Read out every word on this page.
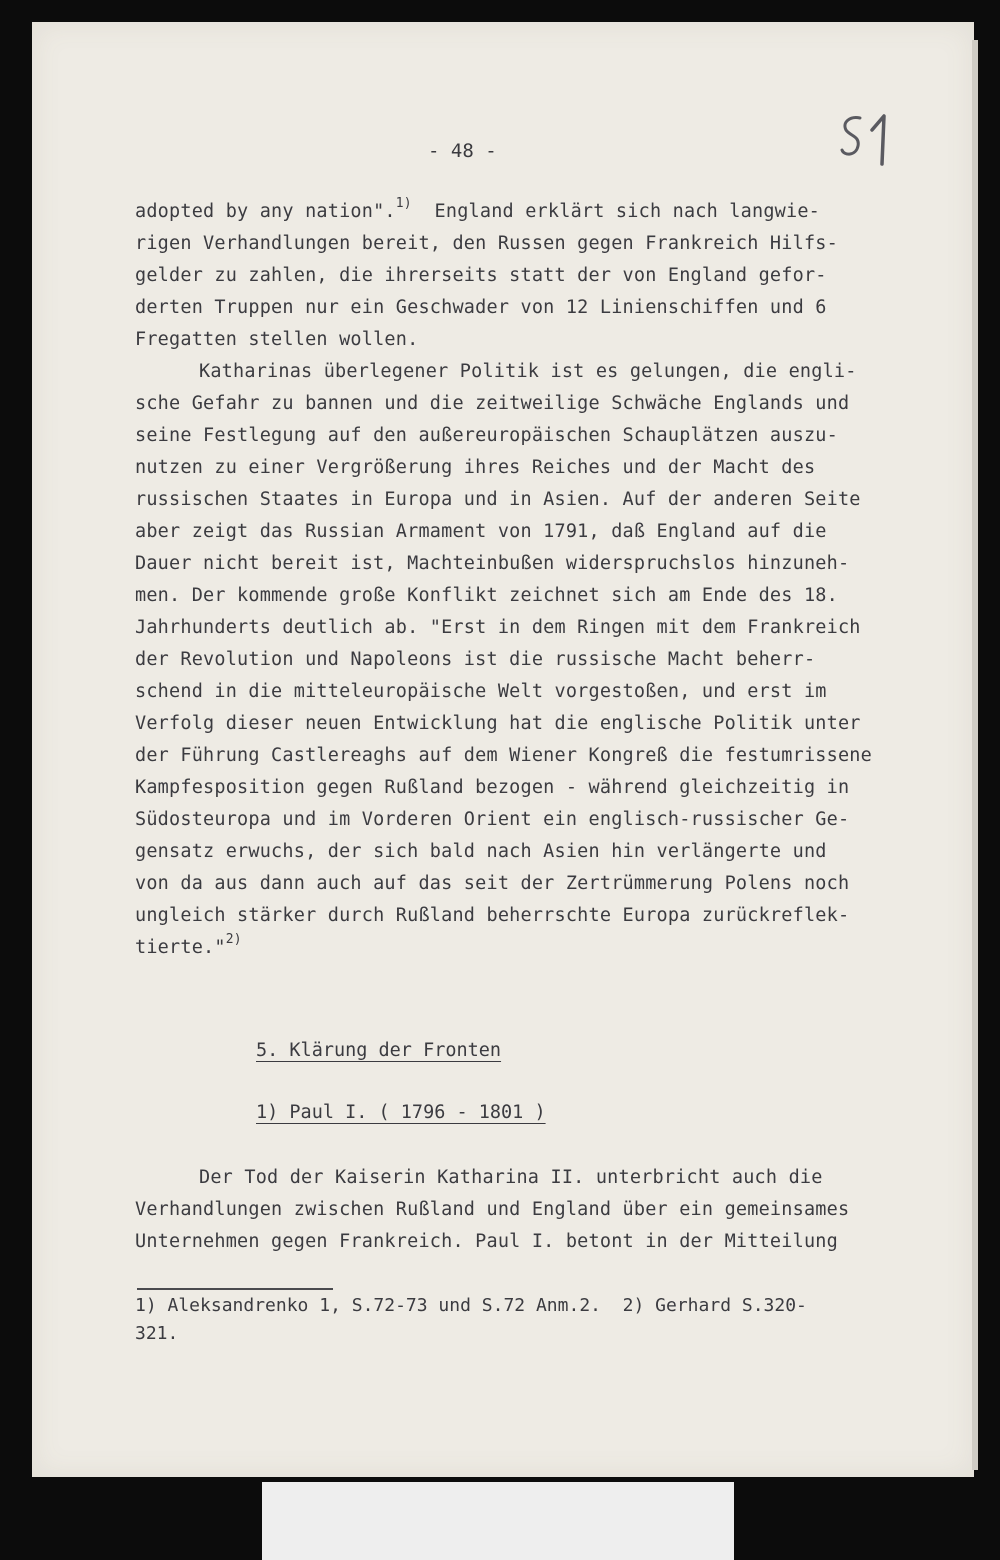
- 48 -
adopted by any nation".$^{1)}$  England erklärt sich nach langwie-
rigen Verhandlungen bereit, den Russen gegen Frankreich Hilfs-
gelder zu zahlen, die ihrerseits statt der von England gefor-
derten Truppen nur ein Geschwader von 12 Linienschiffen und 6
Fregatten stellen wollen.
Katharinas überlegener Politik ist es gelungen, die engli-
sche Gefahr zu bannen und die zeitweilige Schwäche Englands und
seine Festlegung auf den außereuropäischen Schauplätzen auszu-
nutzen zu einer Vergrößerung ihres Reiches und der Macht des
russischen Staates in Europa und in Asien. Auf der anderen Seite
aber zeigt das Russian Armament von 1791, daß England auf die
Dauer nicht bereit ist, Machteinbußen widerspruchslos hinzuneh-
men. Der kommende große Konflikt zeichnet sich am Ende des 18.
Jahrhunderts deutlich ab. "Erst in dem Ringen mit dem Frankreich
der Revolution und Napoleons ist die russische Macht beherr-
schend in die mitteleuropäische Welt vorgestoßen, und erst im
Verfolg dieser neuen Entwicklung hat die englische Politik unter
der Führung Castlereaghs auf dem Wiener Kongreß die festumrissene
Kampfesposition gegen Rußland bezogen - während gleichzeitig in
Südosteuropa und im Vorderen Orient ein englisch-russischer Ge-
gensatz erwuchs, der sich bald nach Asien hin verlängerte und
von da aus dann auch auf das seit der Zertrümmerung Polens noch
ungleich stärker durch Rußland beherrschte Europa zurückreflek-
tierte."$^{2)}$
5. Klärung der Fronten
1) Paul I. ( 1796 - 1801 )
Der Tod der Kaiserin Katharina II. unterbricht auch die
Verhandlungen zwischen Rußland und England über ein gemeinsames
Unternehmen gegen Frankreich. Paul I. betont in der Mitteilung
1) Aleksandrenko 1, S.72-73 und S.72 Anm.2.  2) Gerhard S.320-
321.
